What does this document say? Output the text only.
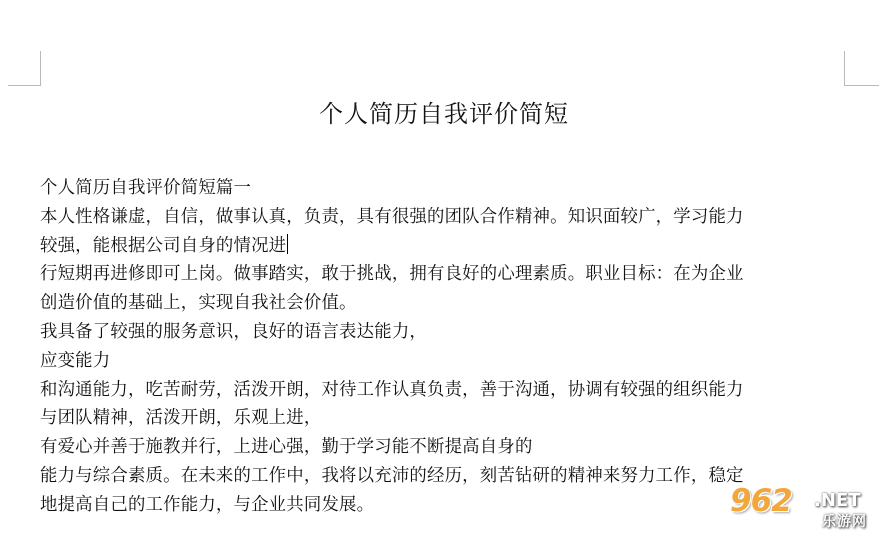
个人简历自我评价简短
个人简历自我评价简短篇一
本人性格谦虚，自信，做事认真，负责，具有很强的团队合作精神。知识面较广，学习能力
较强，能根据公司自身的情况进
行短期再进修即可上岗。做事踏实，敢于挑战，拥有良好的心理素质。职业目标：在为企业
创造价值的基础上，实现自我社会价值。
我具备了较强的服务意识，良好的语言表达能力，
应变能力
和沟通能力，吃苦耐劳，活泼开朗，对待工作认真负责，善于沟通，协调有较强的组织能力
与团队精神，活泼开朗，乐观上进，
有爱心并善于施教并行，上进心强，勤于学习能不断提高自身的
能力与综合素质。在未来的工作中，我将以充沛的经历，刻苦钻研的精神来努力工作，稳定
地提高自己的工作能力，与企业共同发展。	962 .NET
乐游网
